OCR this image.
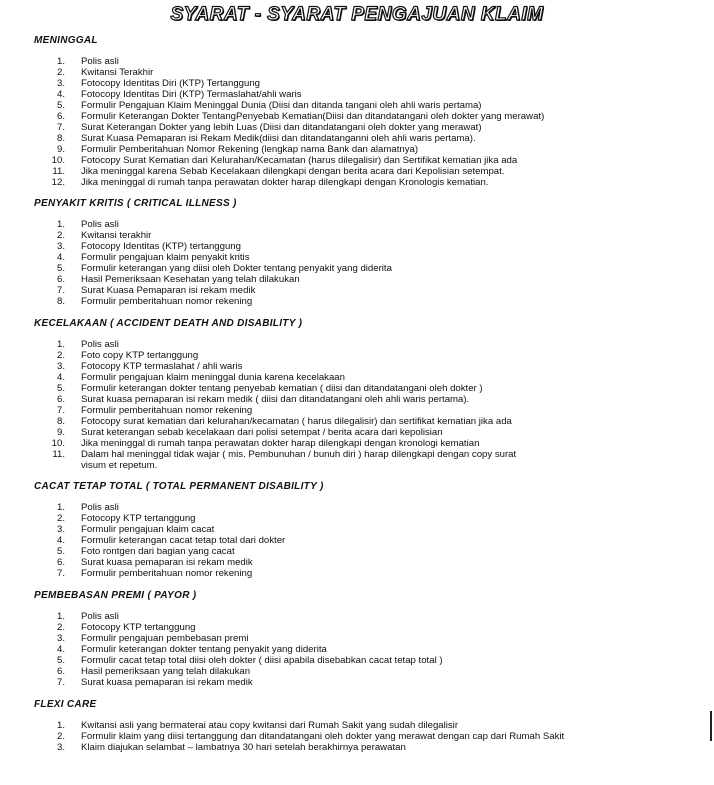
SYARAT - SYARAT PENGAJUAN KLAIM
MENINGGAL
1. Polis asli
2. Kwitansi Terakhir
3. Fotocopy Identitas Diri (KTP) Tertanggung
4. Fotocopy Identitas Diri (KTP) Termaslahat/ahli waris
5. Formulir Pengajuan Klaim Meninggal Dunia (Diisi dan ditanda tangani oleh ahli waris pertama)
6. Formulir Keterangan Dokter TentangPenyebab Kematian(Diisi dan ditandatangani oleh dokter yang merawat)
7. Surat Keterangan Dokter yang lebih Luas (Diisi dan ditandatangani oleh dokter yang merawat)
8. Surat Kuasa Pemaparan isi Rekam Medik(diisi dan ditandatanganni oleh ahli waris pertama).
9. Formulir Pemberitahuan Nomor Rekening (lengkap nama Bank dan alamatnya)
10. Fotocopy Surat Kematian dari Kelurahan/Kecamatan (harus dilegalisir) dan Sertifikat kematian jika ada
11. Jika meninggal karena Sebab Kecelakaan dilengkapi dengan berita acara dari Kepolisian setempat.
12. Jika meninggal di rumah tanpa perawatan dokter harap dilengkapi dengan Kronologis kematian.
PENYAKIT KRITIS ( CRITICAL ILLNESS )
1. Polis asli
2. Kwitansi terakhir
3. Fotocopy Identitas (KTP) tertanggung
4. Formulir pengajuan klaim penyakit kritis
5. Formulir keterangan yang diisi oleh Dokter tentang penyakit yang diderita
6. Hasil Pemeriksaan Kesehatan yang telah dilakukan
7. Surat Kuasa Pemaparan isi rekam medik
8. Formulir pemberitahuan nomor rekening
KECELAKAAN ( ACCIDENT DEATH AND DISABILITY )
1. Polis asli
2. Foto copy KTP tertanggung
3. Fotocopy KTP termaslahat / ahli waris
4. Formulir pengajuan klaim meninggal dunia karena kecelakaan
5. Formulir keterangan dokter tentang penyebab kematian ( diisi dan ditandatangani oleh dokter )
6. Surat kuasa pemaparan isi rekam medik ( diisi dan ditandatangani oleh ahli waris pertama).
7. Formulir pemberitahuan nomor rekening
8. Fotocopy surat kematian dari kelurahan/kecamatan ( harus dilegalisir) dan sertifikat kematian jika ada
9. Surat keterangan sebab kecelakaan dari polisi setempat / berita acara dari kepolisian
10. Jika meninggal di rumah tanpa perawatan dokter harap dilengkapi dengan kronologi kematian
11. Dalam hal meninggal tidak wajar ( mis. Pembunuhan / bunuh diri ) harap dilengkapi dengan copy surat
visum et repetum.
CACAT TETAP TOTAL ( TOTAL PERMANENT DISABILITY )
1. Polis asli
2. Fotocopy KTP tertanggung
3. Formulir pengajuan klaim cacat
4. Formulir keterangan cacat tetap total dari dokter
5. Foto rontgen dari bagian yang cacat
6. Surat kuasa pemaparan isi rekam medik
7. Formulir pemberitahuan nomor rekening
PEMBEBASAN PREMI ( PAYOR )
1. Polis asli
2. Fotocopy KTP tertanggung
3. Formulir pengajuan pembebasan premi
4. Formulir keterangan dokter tentang penyakit yang diderita
5. Formulir cacat tetap total diisi oleh dokter ( diisi apabila disebabkan cacat tetap total )
6. Hasil pemeriksaan yang telah dilakukan
7. Surat kuasa pemaparan isi rekam medik
FLEXI CARE
1. Kwitansi asli yang bermaterai atau copy kwitansi dari Rumah Sakit yang sudah dilegalisir
2. Formulir klaim yang diisi tertanggung dan ditandatangani oleh dokter yang merawat dengan cap dari Rumah Sakit
3. Klaim diajukan selambat – lambatnya 30 hari setelah berakhirnya perawatan
